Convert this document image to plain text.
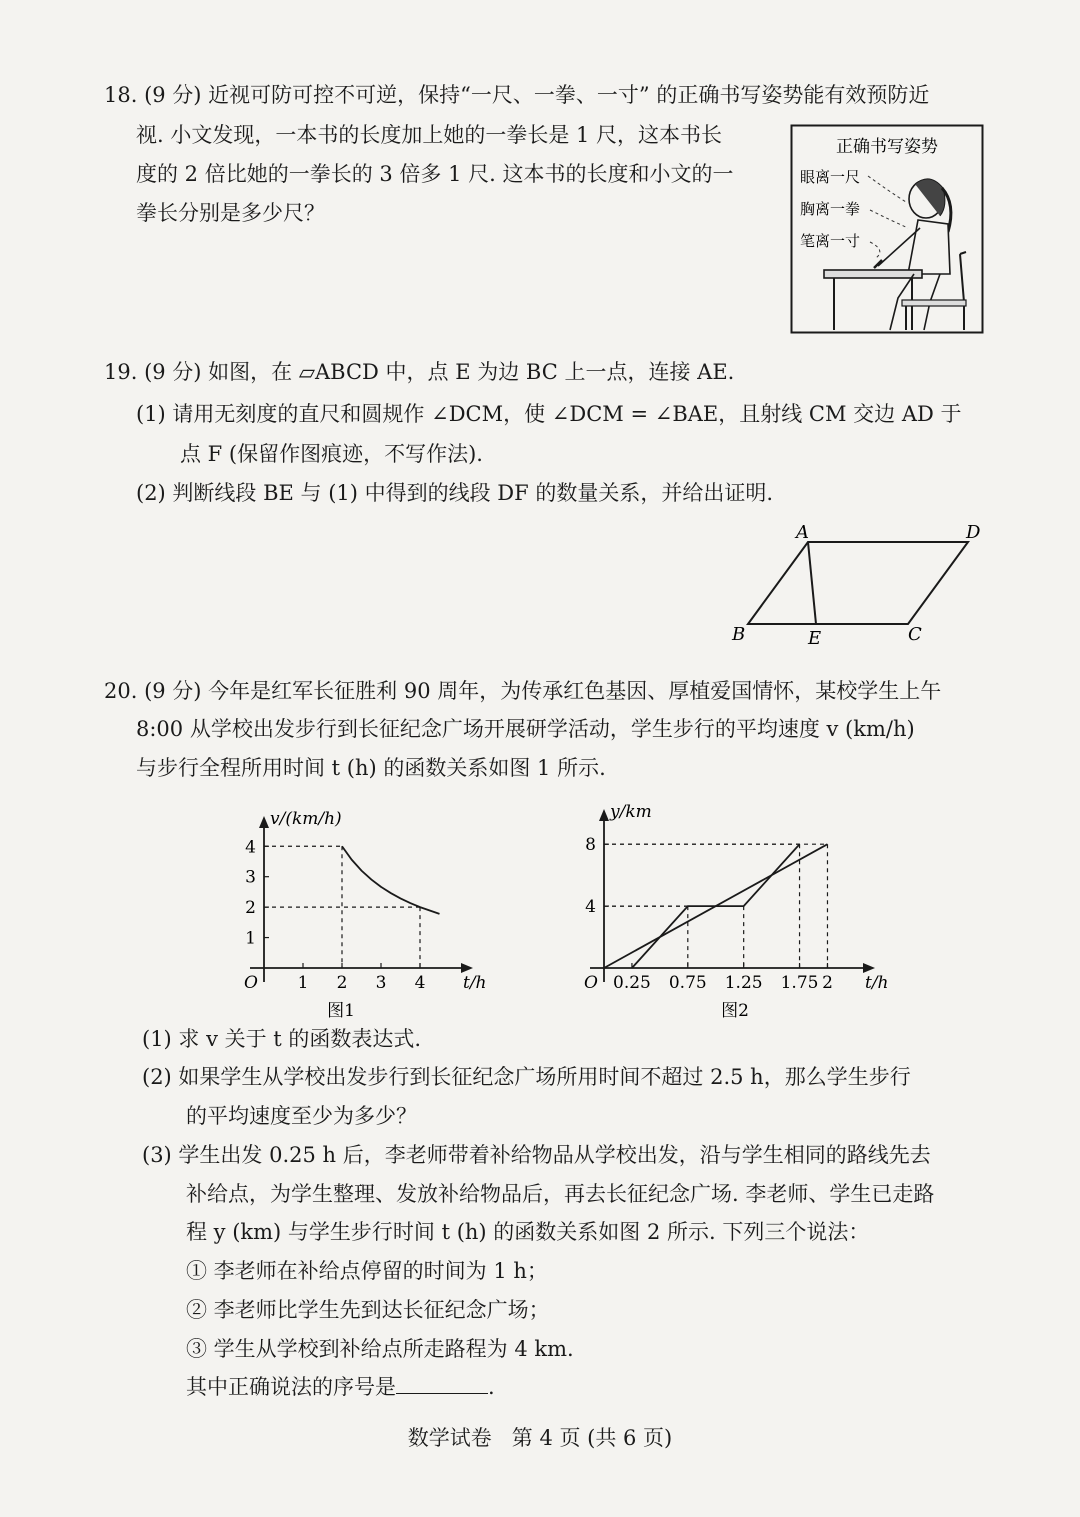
18. (9 分) 近视可防可控不可逆，保持“一尺、一拳、一寸” 的正确书写姿势能有效预防近
视. 小文发现，一本书的长度加上她的一拳长是 1 尺，这本书长
度的 2 倍比她的一拳长的 3 倍多 1 尺. 这本书的长度和小文的一
拳长分别是多少尺？
正确书写姿势
眼离一尺
胸离一拳
笔离一寸
19. (9 分) 如图，在 ▱ABCD 中，点 E 为边 BC 上一点，连接 AE.
(1) 请用无刻度的直尺和圆规作 ∠DCM，使 ∠DCM = ∠BAE，且射线 CM 交边 AD 于
点 F (保留作图痕迹，不写作法).
(2) 判断线段 BE 与 (1) 中得到的线段 DF 的数量关系，并给出证明.
A	D
B	E	C
20. (9 分) 今年是红军长征胜利 90 周年，为传承红色基因、厚植爱国情怀，某校学生上午
8:00 从学校出发步行到长征纪念广场开展研学活动，学生步行的平均速度 v (km/h)
与步行全程所用时间 t (h) 的函数关系如图 1 所示.
O	t/h
v/(km/h)
1 2 3 4
1
2
3
4
图1
O	t/h
y/km
0.25 0.75 1.25 1.75 2
4
8
图2
(1) 求 v 关于 t 的函数表达式.
(2) 如果学生从学校出发步行到长征纪念广场所用时间不超过 2.5 h，那么学生步行
的平均速度至少为多少？
(3) 学生出发 0.25 h 后，李老师带着补给物品从学校出发，沿与学生相同的路线先去
补给点，为学生整理、发放补给物品后，再去长征纪念广场. 李老师、学生已走路
程 y (km) 与学生步行时间 t (h) 的函数关系如图 2 所示. 下列三个说法：
① 李老师在补给点停留的时间为 1 h；
② 李老师比学生先到达长征纪念广场；
③ 学生从学校到补给点所走路程为 4 km.
其中正确说法的序号是	.
数学试卷 第 4 页 (共 6 页)
